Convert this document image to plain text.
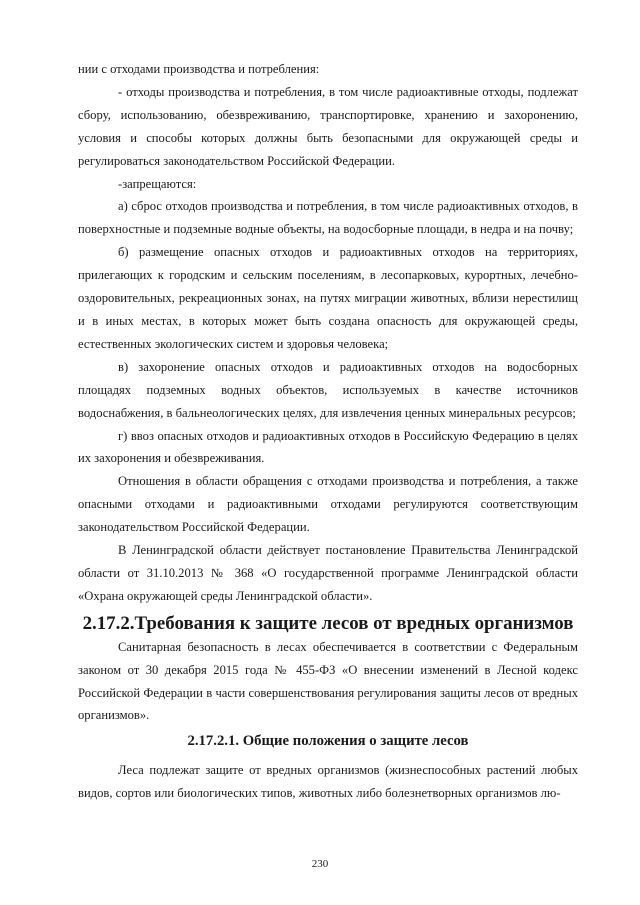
нии с отходами производства и потребления:

- отходы производства и потребления, в том числе радиоактивные отходы, подлежат сбору, использованию, обезвреживанию, транспортировке, хранению и захоронению, условия и способы которых должны быть безопасными для окружающей среды и регулироваться законодательством Российской Федерации.

-запрещаются:

а) сброс отходов производства и потребления, в том числе радиоактивных отходов, в поверхностные и подземные водные объекты, на водосборные площади, в недра и на почву;

б) размещение опасных отходов и радиоактивных отходов на территориях, прилегающих к городским и сельским поселениям, в лесопарковых, курортных, лечебно-оздоровительных, рекреационных зонах, на путях миграции животных, вблизи нерестилищ и в иных местах, в которых может быть создана опасность для окружающей среды, естественных экологических систем и здоровья человека;

в) захоронение опасных отходов и радиоактивных отходов на водосборных площадях подземных водных объектов, используемых в качестве источников водоснабжения, в бальнеологических целях, для извлечения ценных минеральных ресурсов;

г) ввоз опасных отходов и радиоактивных отходов в Российскую Федерацию в целях их захоронения и обезвреживания.

Отношения в области обращения с отходами производства и потребления, а также опасными отходами и радиоактивными отходами регулируются соответствующим законодательством Российской Федерации.

В Ленинградской области действует постановление Правительства Ленинградской области от 31.10.2013 № 368 «О государственной программе Ленинградской области «Охрана окружающей среды Ленинградской области».

2.17.2.Требования к защите лесов от вредных организмов

Санитарная безопасность в лесах обеспечивается в соответствии с Федеральным законом от 30 декабря 2015 года № 455-ФЗ «О внесении изменений в Лесной кодекс Российской Федерации в части совершенствования регулирования защиты лесов от вредных организмов».

2.17.2.1. Общие положения о защите лесов

Леса подлежат защите от вредных организмов (жизнеспособных растений любых видов, сортов или биологических типов, животных либо болезнетворных организмов лю-

230
